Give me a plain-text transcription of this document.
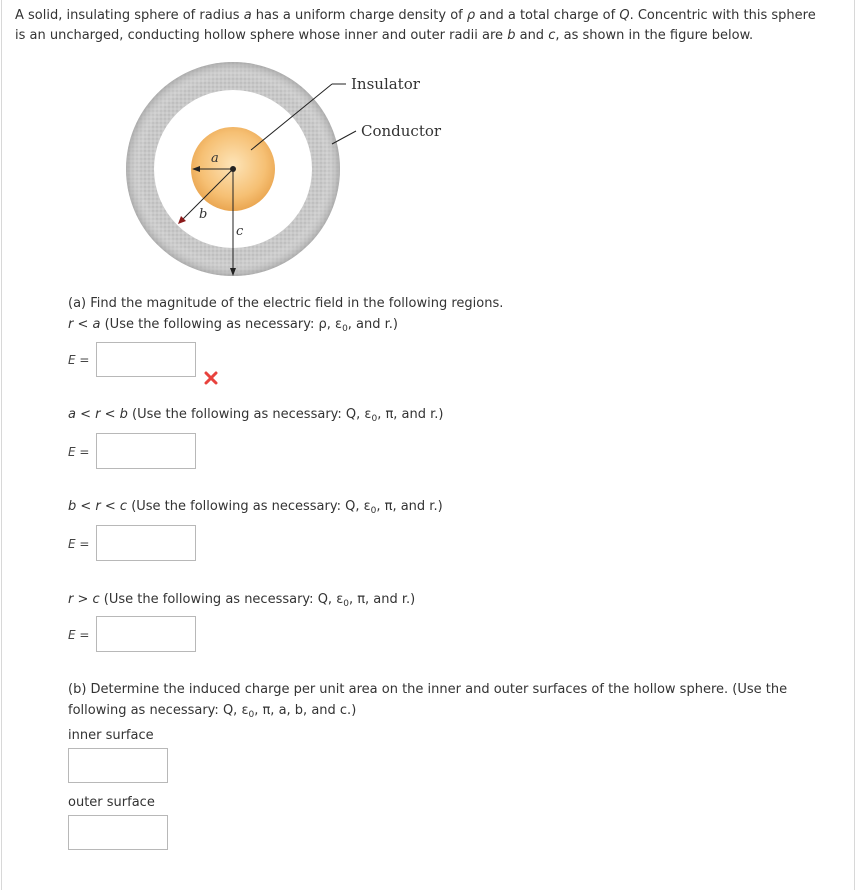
A solid, insulating sphere of radius a has a uniform charge density of ρ and a total charge of Q. Concentric with this sphere
is an uncharged, conducting hollow sphere whose inner and outer radii are b and c, as shown in the figure below.
Insulator
Conductor
a
b
c
(a) Find the magnitude of the electric field in the following regions.
r < a (Use the following as necessary: ρ, $\varepsilon_0$, and r.)
E =
a < r < b (Use the following as necessary: Q, $\varepsilon_0$, π, and r.)
E =
b < r < c (Use the following as necessary: Q, $\varepsilon_0$, π, and r.)
E =
r > c (Use the following as necessary: Q, $\varepsilon_0$, π, and r.)
E =
(b) Determine the induced charge per unit area on the inner and outer surfaces of the hollow sphere. (Use the
following as necessary: Q, $\varepsilon_0$, π, a, b, and c.)
inner surface
outer surface
